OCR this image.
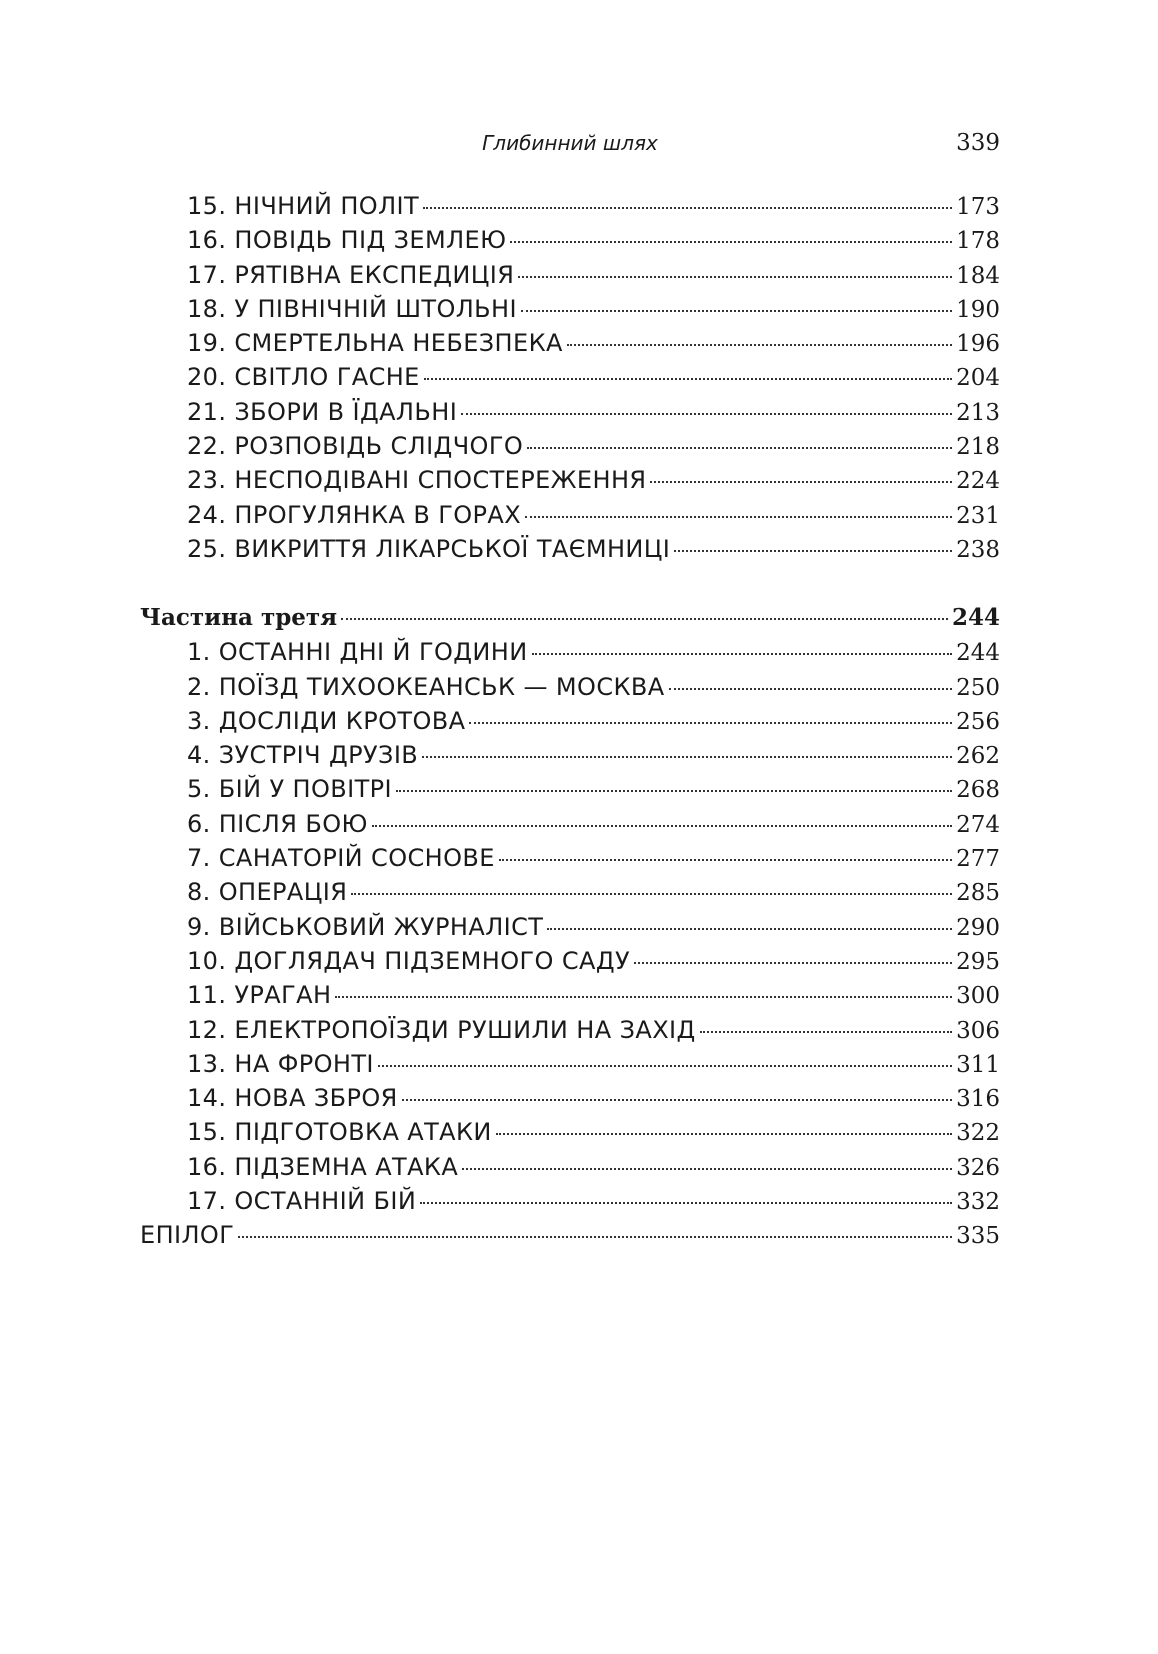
Глибинний шлях	339
15. НІЧНИЙ ПОЛІТ	173
16. ПОВІДЬ ПІД ЗЕМЛЕЮ	178
17. РЯТІВНА ЕКСПЕДИЦІЯ	184
18. У ПІВНІЧНІЙ ШТОЛЬНІ	190
19. СМЕРТЕЛЬНА НЕБЕЗПЕКА	196
20. СВІТЛО ГАСНЕ	204
21. ЗБОРИ В ЇДАЛЬНІ	213
22. РОЗПОВІДЬ СЛІДЧОГО	218
23. НЕСПОДІВАНІ СПОСТЕРЕЖЕННЯ	224
24. ПРОГУЛЯНКА В ГОРАХ	231
25. ВИКРИТТЯ ЛІКАРСЬКОЇ ТАЄМНИЦІ	238
Частина третя	244
1. ОСТАННІ ДНІ Й ГОДИНИ	244
2. ПОЇЗД ТИХООКЕАНСЬК — МОСКВА	250
3. ДОСЛІДИ КРОТОВА	256
4. ЗУСТРІЧ ДРУЗІВ	262
5. БІЙ У ПОВІТРІ	268
6. ПІСЛЯ БОЮ	274
7. САНАТОРІЙ СОСНОВЕ	277
8. ОПЕРАЦІЯ	285
9. ВІЙСЬКОВИЙ ЖУРНАЛІСТ	290
10. ДОГЛЯДАЧ ПІДЗЕМНОГО САДУ	295
11. УРАГАН	300
12. ЕЛЕКТРОПОЇЗДИ РУШИЛИ НА ЗАХІД	306
13. НА ФРОНТІ	311
14. НОВА ЗБРОЯ	316
15. ПІДГОТОВКА АТАКИ	322
16. ПІДЗЕМНА АТАКА	326
17. ОСТАННІЙ БІЙ	332
ЕПІЛОГ	335
